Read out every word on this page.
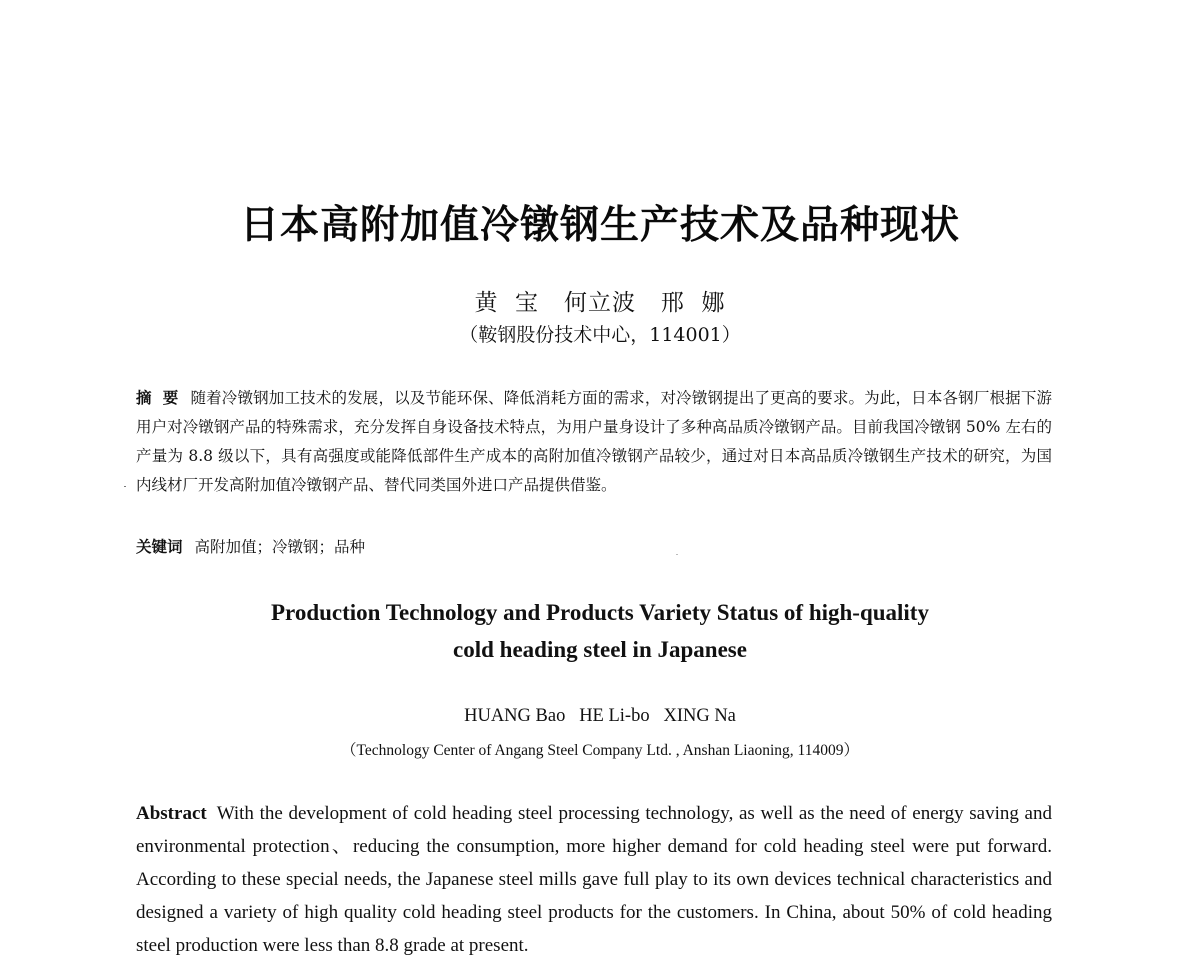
日本高附加值冷镦钢生产技术及品种现状
黄  宝   何立波   邢  娜
（鞍钢股份技术中心，114001）
摘  要 随着冷镦钢加工技术的发展，以及节能环保、降低消耗方面的需求，对冷镦钢提出了更高的要求。为此，日本各钢厂根据下游用户对冷镦钢产品的特殊需求，充分发挥自身设备技术特点，为用户量身设计了多种高品质冷镦钢产品。目前我国冷镦钢 50% 左右的产量为 8.8 级以下，具有高强度或能降低部件生产成本的高附加值冷镦钢产品较少，通过对日本高品质冷镦钢生产技术的研究，为国内线材厂开发高附加值冷镦钢产品、替代同类国外进口产品提供借鉴。
关键词 高附加值；冷镦钢；品种
Production Technology and Products Variety Status of high-quality
cold heading steel in Japanese
HUANG Bao   HE Li-bo   XING Na
（Technology Center of Angang Steel Company Ltd. , Anshan Liaoning, 114009）
Abstract With the development of cold heading steel processing technology, as well as the need of energy saving and environmental protection、reducing the consumption, more higher demand for cold heading steel were put forward. According to these special needs, the Japanese steel mills gave full play to its own devices technical characteristics and designed a variety of high quality cold heading steel products for the customers. In China, about 50% of cold heading steel production were less than 8.8 grade at present.
